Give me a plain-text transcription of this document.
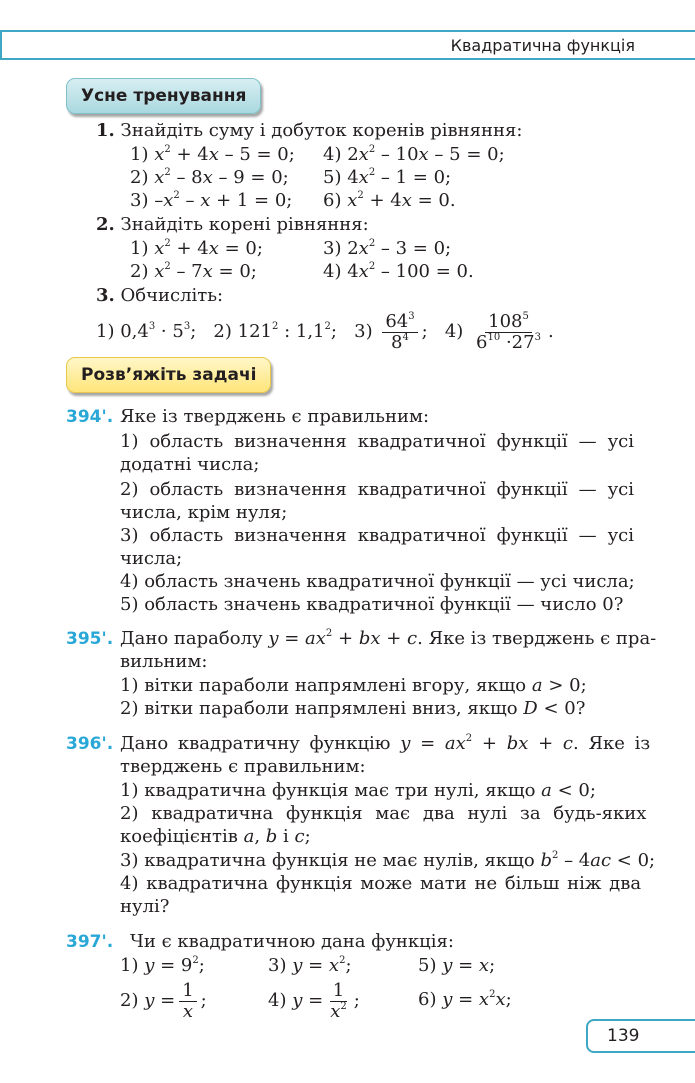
Квадратична функція
Усне тренування
1. Знайдіть суму і добуток коренів рівняння:
1) $x^2 + 4x - 5 = 0$; 4) $2x^2 - 10x - 5 = 0$;
2) $x^2 - 8x - 9 = 0$; 5) $4x^2 - 1 = 0$;
3) $-x^2 - x + 1 = 0$; 6) $x^2 + 4x = 0$.
2. Знайдіть корені рівняння:
1) $x^2 + 4x = 0$;	3) $2x^2 - 3 = 0$;
2) $x^2 - 7x = 0$;	4) $4x^2 - 100 = 0$.
3. Обчисліть:
1) $0,4^3 \cdot 5^3$;   2) $121^2$ : $1,1^2$;   $3) \frac{64^3}{8^4}$ ;   $4) \frac{108^5}{6^{10} \cdot 27^3}$ .
Розв’яжіть задачі
394'. Яке із тверджень є правильним:
1) область визначення квадратичної функції — усі додатні числа;
2) область визначення квадратичної функції — усі числа, крім нуля;
3) область визначення квадратичної функції — усі числа;
4) область значень квадратичної функції — усі числа;
5) область значень квадратичної функції — число 0?
395'. Дано параболу $y = ax^2$ + bx + c. Яке із тверджень є пра-
вильним:
1) вітки параболи напрямлені вгору, якщо a > 0;
2) вітки параболи напрямлені вниз, якщо D < 0?
396'. Дано квадратичну функцію $y = ax^2$ + bx + c. Яке із
тверджень є правильним:
1) квадратична функція має три нулі, якщо a < 0;
2) квадратична функція має два нулі за будь-яких
коефіцієнтів a, b і c;
3) квадратична функція не має нулів, якщо $b^2 - 4ac < 0$;
4) квадратична функція може мати не більш ніж два
нулі?
397'. Чи є квадратичною дана функція:
1) $y = 9^2$;	3) $y = x^2$;	5) y = x;
2) $y = \frac{1}{x}$ ;	4) $y = \frac{1}{x^2}$ ;	6) $y = x^2x$;
139
